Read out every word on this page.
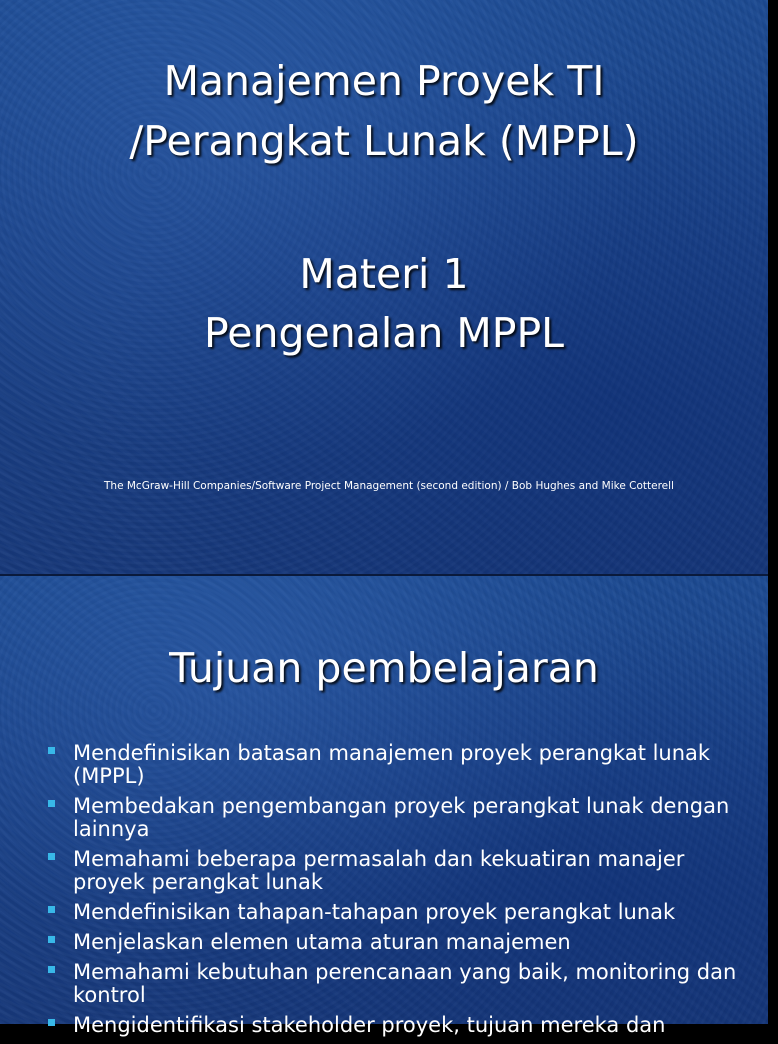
Manajemen Proyek TI
/Perangkat Lunak (MPPL)
Materi 1
Pengenalan MPPL
The McGraw-Hill Companies/Software Project Management (second edition) / Bob Hughes and Mike Cotterell
Tujuan pembelajaran
Mendefinisikan batasan manajemen proyek perangkat lunak (MPPL)
Membedakan pengembangan proyek perangkat lunak dengan lainnya
Memahami beberapa permasalah dan kekuatiran manajer proyek perangkat lunak
Mendefinisikan tahapan-tahapan proyek perangkat lunak
Menjelaskan elemen utama aturan manajemen
Memahami kebutuhan perencanaan yang baik, monitoring dan kontrol
Mengidentifikasi stakeholder proyek, tujuan mereka dan
